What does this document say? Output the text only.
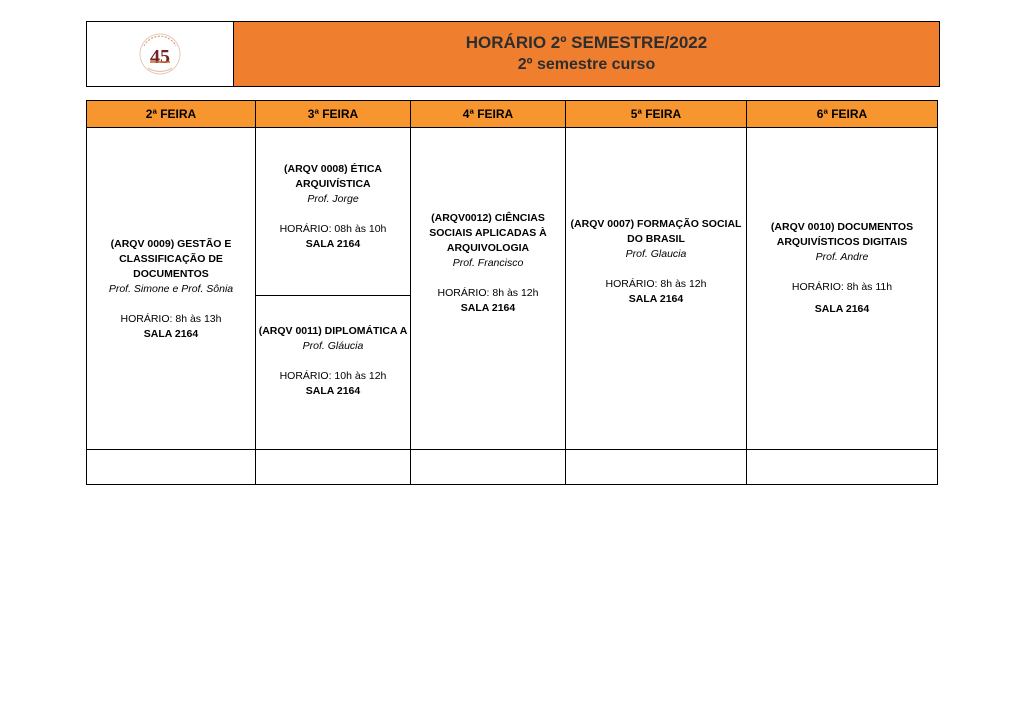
45
HORÁRIO 2º SEMESTRE/2022
2º semestre curso
2ª FEIRA
(ARQV 0009) GESTÃO E
CLASSIFICAÇÃO DE
DOCUMENTOS
Prof. Simone e Prof. Sônia
HORÁRIO: 8h às 13h
SALA 2164
3ª FEIRA
(ARQV 0008) ÉTICA
ARQUIVÍSTICA
Prof. Jorge
HORÁRIO: 08h às 10h
SALA 2164
(ARQV 0011) DIPLOMÁTICA A
Prof. Gláucia
HORÁRIO: 10h às 12h
SALA 2164
4ª FEIRA
(ARQV0012) CIÊNCIAS
SOCIAIS APLICADAS À
ARQUIVOLOGIA
Prof. Francisco
HORÁRIO: 8h às 12h
SALA 2164
5ª FEIRA
(ARQV 0007) FORMAÇÃO SOCIAL
DO BRASIL
Prof. Glaucia
HORÁRIO: 8h às 12h
SALA 2164
6ª FEIRA
(ARQV 0010) DOCUMENTOS
ARQUIVÍSTICOS DIGITAIS
Prof. Andre
HORÁRIO: 8h às 11h
SALA 2164
